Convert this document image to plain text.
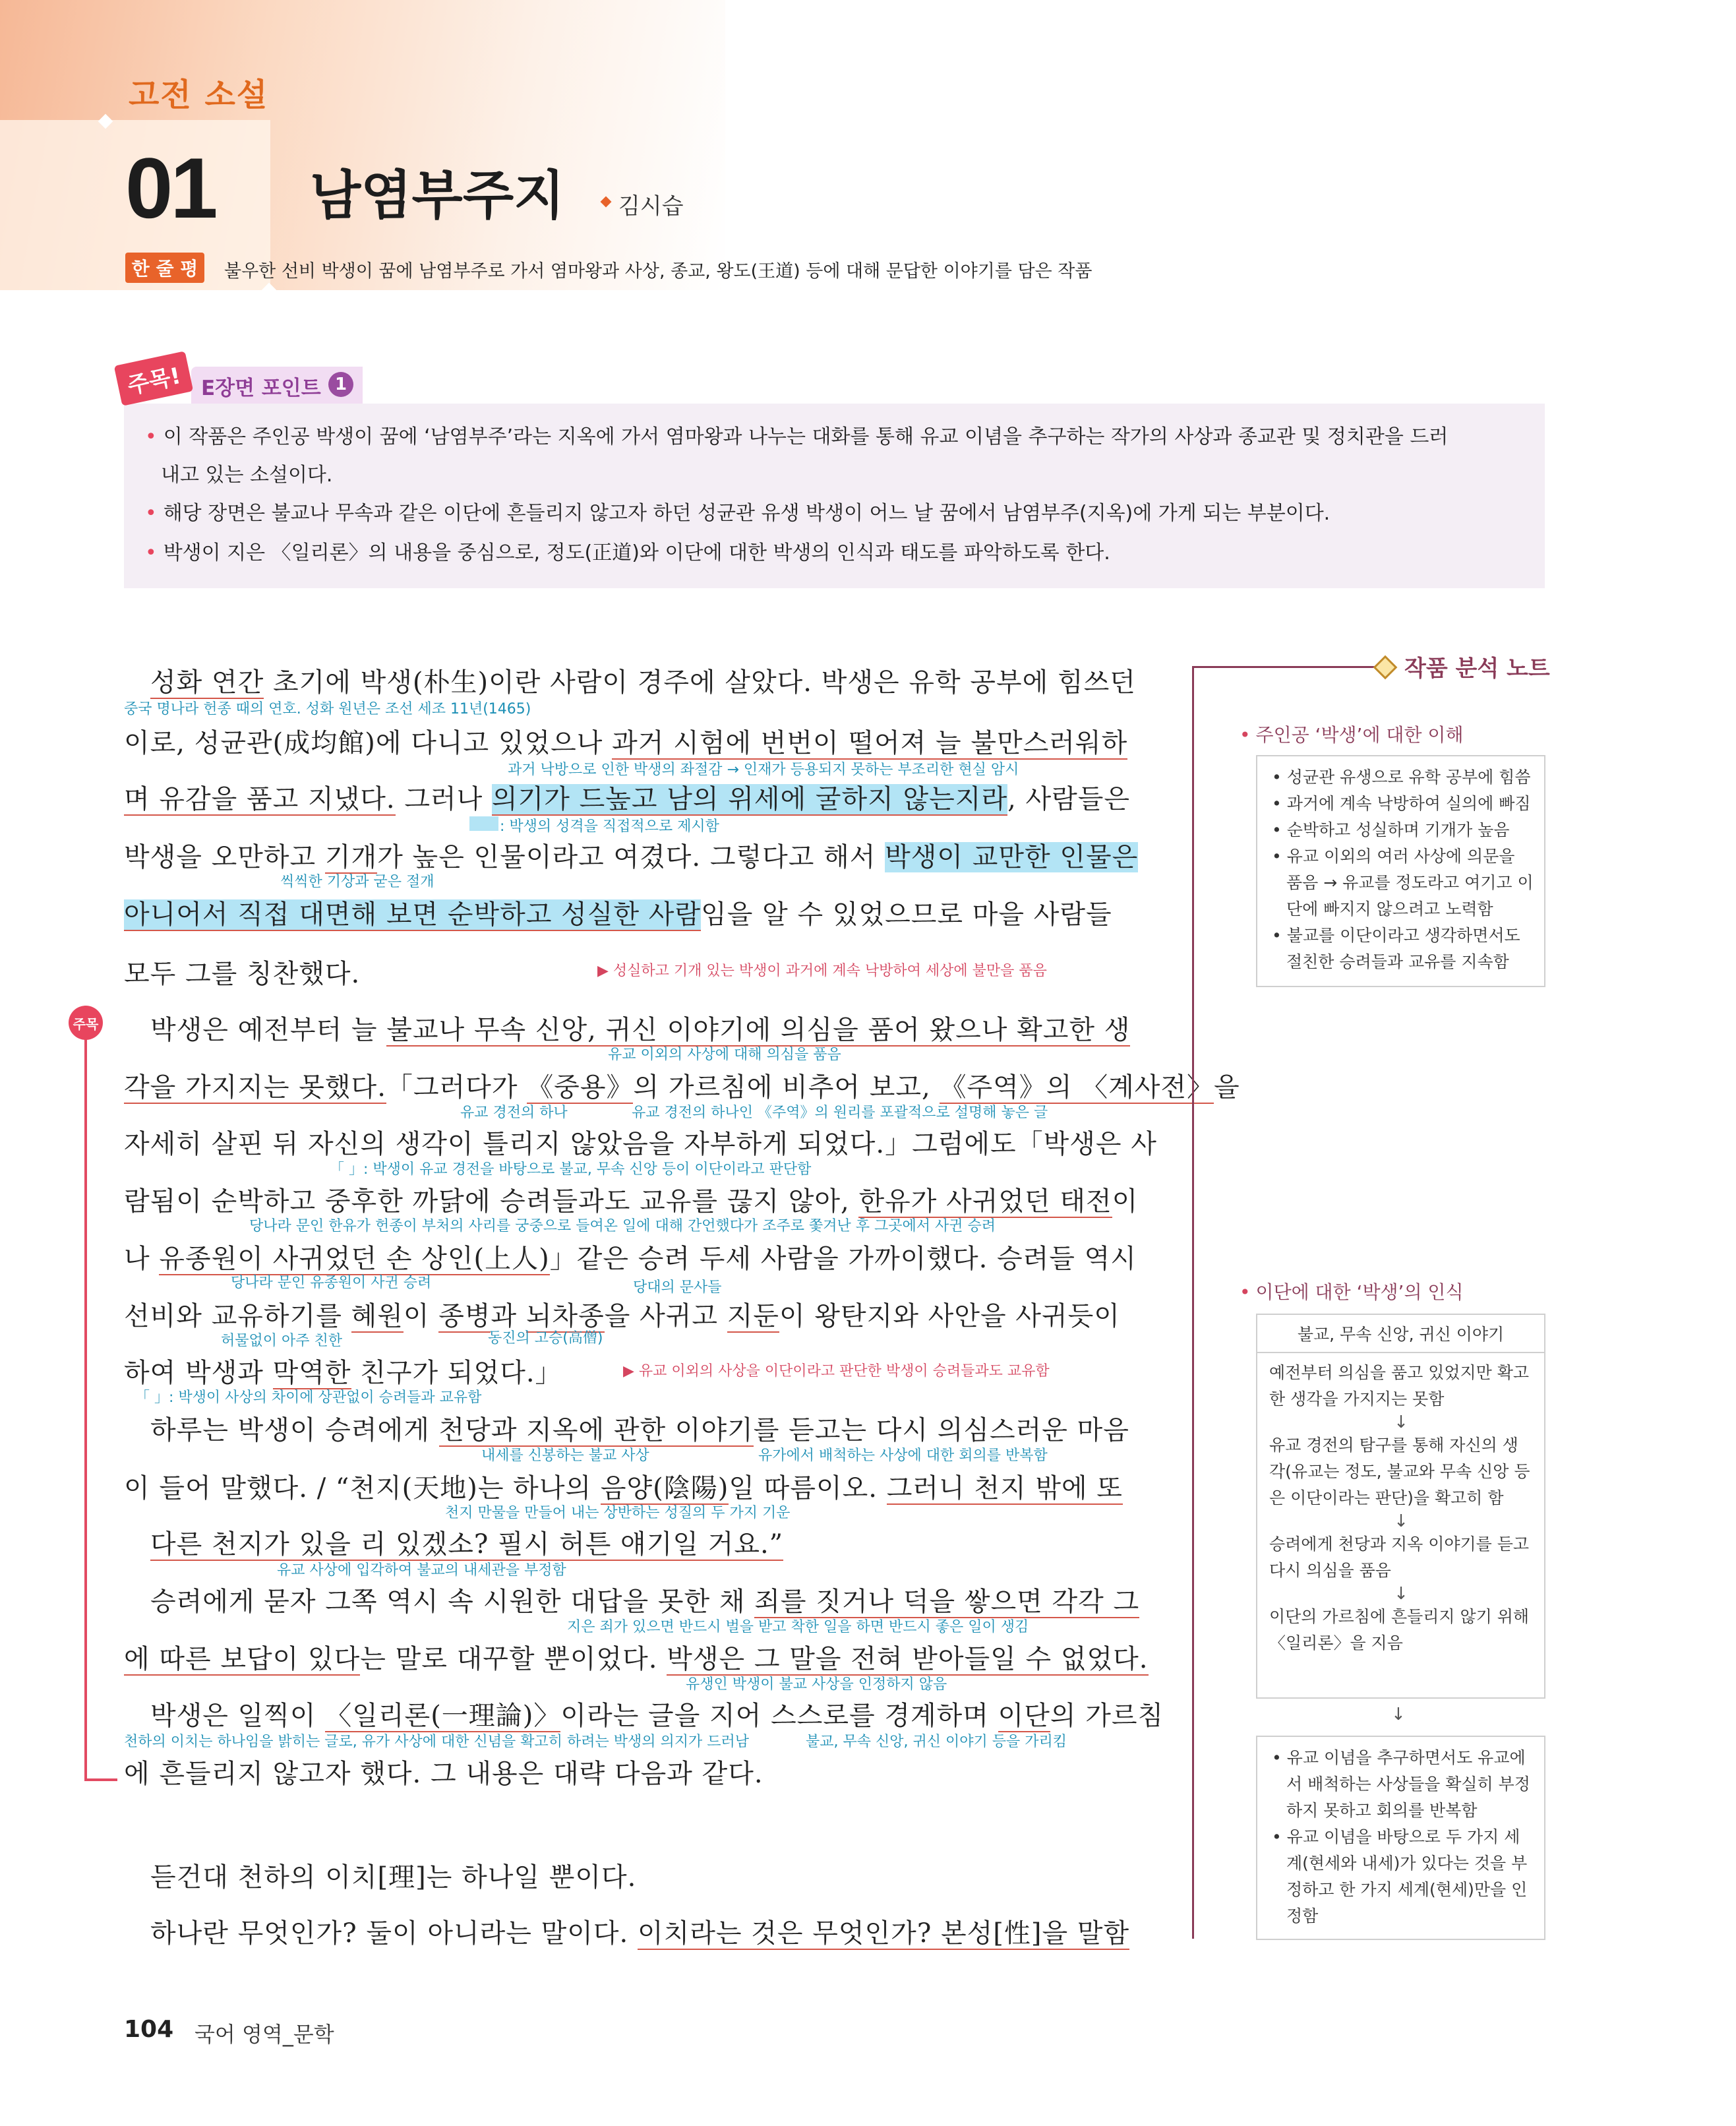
고전 소설
01 남염부주지 김시습
한 줄 평	불우한 선비 박생이 꿈에 남염부주로 가서 염마왕과 사상, 종교, 왕도(王道) 등에 대해 문답한 이야기를 담은 작품
주목! E장면 포인트 1
• 이 작품은 주인공 박생이 꿈에 ‘남염부주’라는 지옥에 가서 염마왕과 나누는 대화를 통해 유교 이념을 추구하는 작가의 사상과 종교관 및 정치관을 드러
내고 있는 소설이다.
• 해당 장면은 불교나 무속과 같은 이단에 흔들리지 않고자 하던 성균관 유생 박생이 어느 날 꿈에서 남염부주(지옥)에 가게 되는 부분이다.
• 박생이 지은 〈일리론〉의 내용을 중심으로, 정도(正道)와 이단에 대한 박생의 인식과 태도를 파악하도록 한다.
주목
성화 연간 초기에 박생(朴生)이란 사람이 경주에 살았다. 박생은 유학 공부에 힘쓰던
중국 명나라 헌종 때의 연호. 성화 원년은 조선 세조 11년(1465)
이로, 성균관(成均館)에 다니고 있었으나 과거 시험에 번번이 떨어져 늘 불만스러워하
과거 낙방으로 인한 박생의 좌절감 → 인재가 등용되지 못하는 부조리한 현실 암시
며 유감을 품고 지냈다. 그러나 의기가 드높고 남의 위세에 굴하지 않는지라, 사람들은
: 박생의 성격을 직접적으로 제시함
박생을 오만하고 기개가 높은 인물이라고 여겼다. 그렇다고 해서 박생이 교만한 인물은
씩씩한 기상과 굳은 절개
아니어서 직접 대면해 보면 순박하고 성실한 사람임을 알 수 있었으므로 마을 사람들
모두 그를 칭찬했다.	▶ 성실하고 기개 있는 박생이 과거에 계속 낙방하여 세상에 불만을 품음
박생은 예전부터 늘 불교나 무속 신앙, 귀신 이야기에 의심을 품어 왔으나 확고한 생
유교 이외의 사상에 대해 의심을 품음
각을 가지지는 못했다.「그러다가 《중용》의 가르침에 비추어 보고, 《주역》의 〈계사전〉을
유교 경전의 하나	유교 경전의 하나인 《주역》의 원리를 포괄적으로 설명해 놓은 글
자세히 살핀 뒤 자신의 생각이 틀리지 않았음을 자부하게 되었다.」그럼에도「박생은 사
「 」: 박생이 유교 경전을 바탕으로 불교, 무속 신앙 등이 이단이라고 판단함
람됨이 순박하고 중후한 까닭에 승려들과도 교유를 끊지 않아, 한유가 사귀었던 태전이
당나라 문인 한유가 헌종이 부처의 사리를 궁중으로 들여온 일에 대해 간언했다가 조주로 쫓겨난 후 그곳에서 사귄 승려
나 유종원이 사귀었던 손 상인(上人)」같은 승려 두세 사람을 가까이했다. 승려들 역시
당나라 문인 유종원이 사귄 승려	당대의 문사들
선비와 교유하기를 혜원이 종병과 뇌차종을 사귀고 지둔이 왕탄지와 사안을 사귀듯이
허물없이 아주 친한	동진의 고승(高僧)
하여 박생과 막역한 친구가 되었다.」
「 」: 박생이 사상의 차이에 상관없이 승려들과 교유함
▶ 유교 이외의 사상을 이단이라고 판단한 박생이 승려들과도 교유함
하루는 박생이 승려에게 천당과 지옥에 관한 이야기를 듣고는 다시 의심스러운 마음
내세를 신봉하는 불교 사상	유가에서 배척하는 사상에 대한 회의를 반복함
이 들어 말했다. / “천지(天地)는 하나의 음양(陰陽)일 따름이오. 그러니 천지 밖에 또
천지 만물을 만들어 내는 상반하는 성질의 두 가지 기운
다른 천지가 있을 리 있겠소? 필시 허튼 얘기일 거요.”
유교 사상에 입각하여 불교의 내세관을 부정함
승려에게 묻자 그쪽 역시 속 시원한 대답을 못한 채 죄를 짓거나 덕을 쌓으면 각각 그
지은 죄가 있으면 반드시 벌을 받고 착한 일을 하면 반드시 좋은 일이 생김
에 따른 보답이 있다는 말로 대꾸할 뿐이었다. 박생은 그 말을 전혀 받아들일 수 없었다.
유생인 박생이 불교 사상을 인정하지 않음
박생은 일찍이 〈일리론(一理論)〉이라는 글을 지어 스스로를 경계하며 이단의 가르침
천하의 이치는 하나임을 밝히는 글로, 유가 사상에 대한 신념을 확고히 하려는 박생의 의지가 드러남	불교, 무속 신앙, 귀신 이야기 등을 가리킴
에 흔들리지 않고자 했다. 그 내용은 대략 다음과 같다.
듣건대 천하의 이치[理]는 하나일 뿐이다.
하나란 무엇인가? 둘이 아니라는 말이다. 이치라는 것은 무엇인가? 본성[性]을 말함
작품 분석 노트
• 주인공 ‘박생’에 대한 이해
• 성균관 유생으로 유학 공부에 힘씀
• 과거에 계속 낙방하여 실의에 빠짐
• 순박하고 성실하며 기개가 높음
• 유교 이외의 여러 사상에 의문을
품음 → 유교를 정도라고 여기고 이
단에 빠지지 않으려고 노력함
• 불교를 이단이라고 생각하면서도
절친한 승려들과 교유를 지속함
• 이단에 대한 ‘박생’의 인식
불교, 무속 신앙, 귀신 이야기
예전부터 의심을 품고 있었지만 확고
한 생각을 가지지는 못함
↓
유교 경전의 탐구를 통해 자신의 생
각(유교는 정도, 불교와 무속 신앙 등
은 이단이라는 판단)을 확고히 함
↓
승려에게 천당과 지옥 이야기를 듣고
다시 의심을 품음
↓
이단의 가르침에 흔들리지 않기 위해
〈일리론〉을 지음
↓
• 유교 이념을 추구하면서도 유교에
서 배척하는 사상들을 확실히 부정
하지 못하고 회의를 반복함
• 유교 이념을 바탕으로 두 가지 세
계(현세와 내세)가 있다는 것을 부
정하고 한 가지 세계(현세)만을 인
정함
104 국어 영역_문학
